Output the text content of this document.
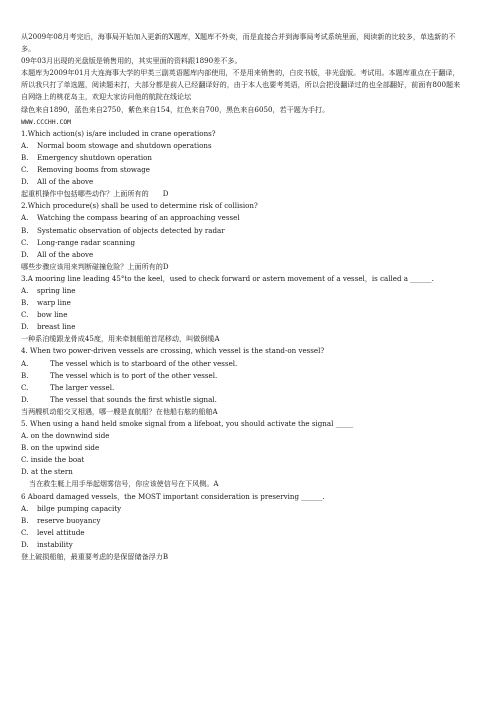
从2009年08月考完后，海事局开始加入更新的X题库，X题库不外卖，而是直接合并到海事局考试系统里面，阅读新的比较多，单选新的不多。
09年03月出现的光盘版是销售用的，其实里面的资料跟1890差不多。
本题库为2009年01月大连海事大学的甲类三副英语题库内部使用，不是用来销售的，白皮书版，非光盘版。考试用。本题库重点在于翻译，所以我只打了单选题，阅读题未打，大部分都是前人已经翻译好的，由于本人也要考英语，所以会把没翻译过的也全部翻好，前面有800题来自网络上的桃花岛主，欢迎大家访问他的航院在线论坛
绿色来自1890，蓝色来自2750，紫色来自154，红色来自700，黑色来自6050，若干题为手打。
WWW.CCCHH.COM
1.Which action(s) is/are included in crane operations?
A.	Normal boom stowage and shutdown operations
B.	Emergency shutdown operation
C.	Removing booms from stowage
D.	All of the above
起重机操作中包括哪些动作？上面所有的 D
2.Which procedure(s) shall be used to determine risk of collision?
A.	Watching the compass bearing of an approaching vessel
B.	Systematic observation of objects detected by radar
C.	Long-range radar scanning
D.	All of the above
哪些步骤应该用来判断碰撞危险？上面所有的D
3.A mooring line leading 45°to the keel，used to check forward or astern movement of a vessel，is called a ______.
A.	spring line
B.	warp line
C.	bow line
D.	breast line
一种系泊缆跟龙骨成45度，用来牵制船舶首尾移动，叫做倒缆A
4. When two power-driven vessels are crossing, which vessel is the stand-on vessel?
A.	The vessel which is to starboard of the other vessel.
B.	The vessel which is to port of the other vessel.
C.	The larger vessel.
D.	The vessel that sounds the first whistle signal.
当两艘机动船交叉相遇，哪一艘是直航船？在他船右舷的船舶A
5. When using a hand held smoke signal from a lifeboat, you should activate the signal _____
A.
on the downwind side
B.
on the upwind side
C.
inside the boat
D.
at the stern
当在救生艇上用手举起烟雾信号，你应该使信号在下风侧。A
6 Aboard damaged vessels，the MOST important consideration is preserving ______.
A.	bilge pumping capacity
B.	reserve buoyancy
C.	level attitude
D.	instability
登上破损船舶，最重要考虑的是保留储备浮力B
